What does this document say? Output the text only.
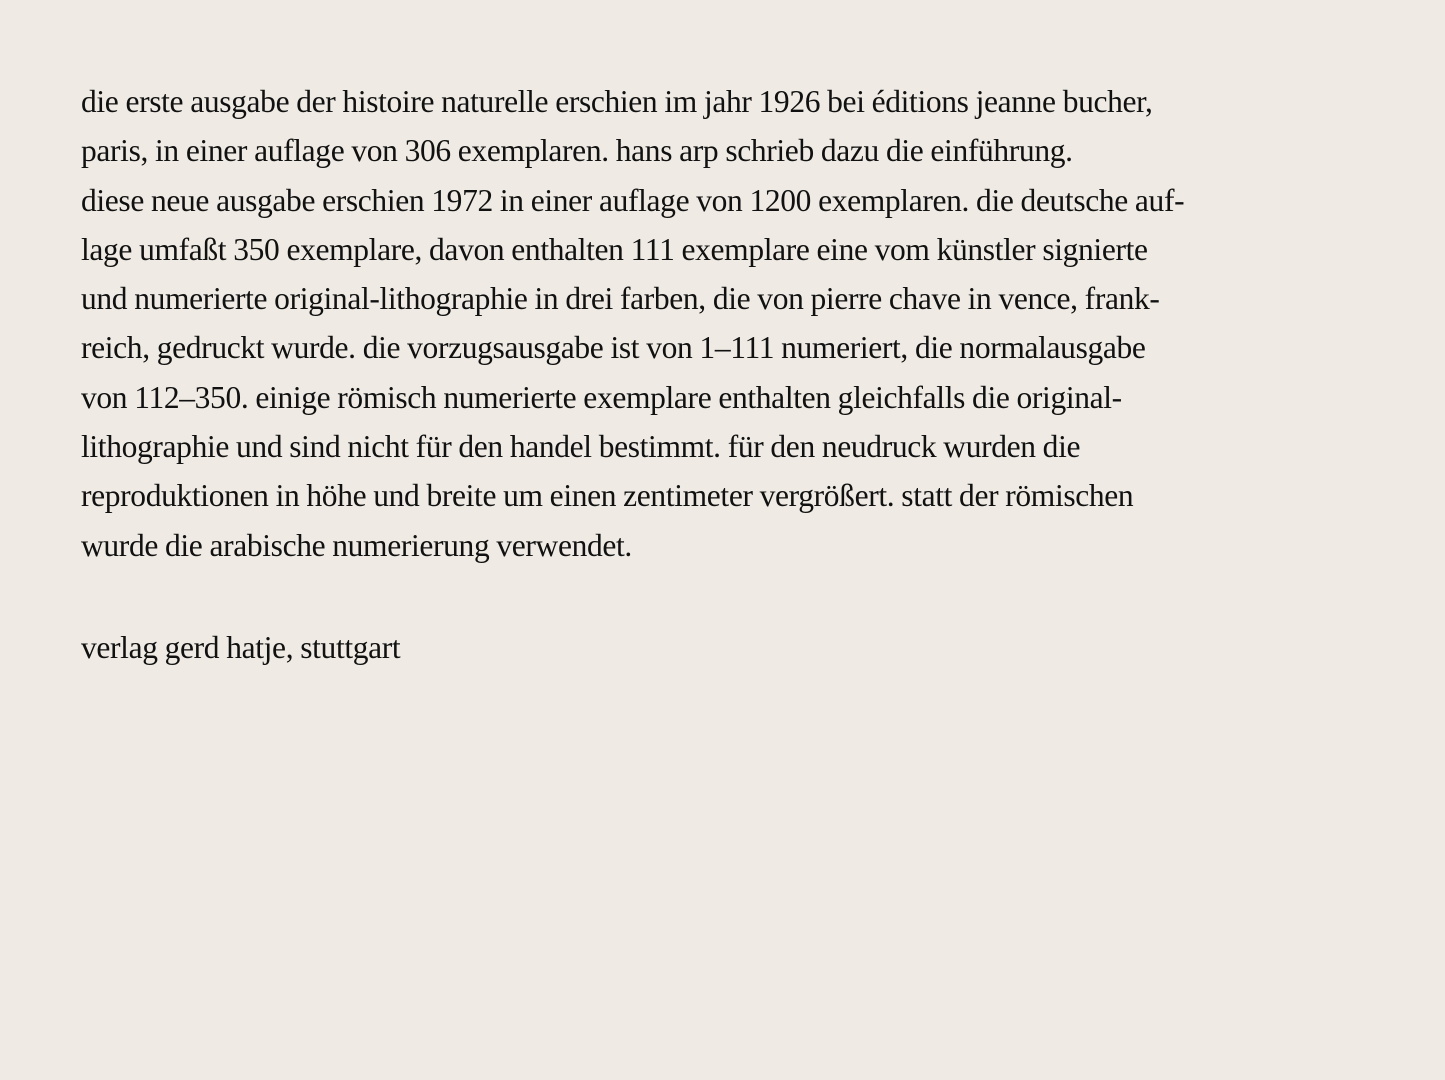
die erste ausgabe der histoire naturelle erschien im jahr 1926 bei éditions jeanne bucher,
paris, in einer auflage von 306 exemplaren. hans arp schrieb dazu die einführung.
diese neue ausgabe erschien 1972 in einer auflage von 1200 exemplaren. die deutsche auf-
lage umfaßt 350 exemplare, davon enthalten 111 exemplare eine vom künstler signierte
und numerierte original-lithographie in drei farben, die von pierre chave in vence, frank-
reich, gedruckt wurde. die vorzugsausgabe ist von 1–111 numeriert, die normalausgabe
von 112–350. einige römisch numerierte exemplare enthalten gleichfalls die original-
lithographie und sind nicht für den handel bestimmt. für den neudruck wurden die
reproduktionen in höhe und breite um einen zentimeter vergrößert. statt der römischen
wurde die arabische numerierung verwendet.

verlag gerd hatje, stuttgart
